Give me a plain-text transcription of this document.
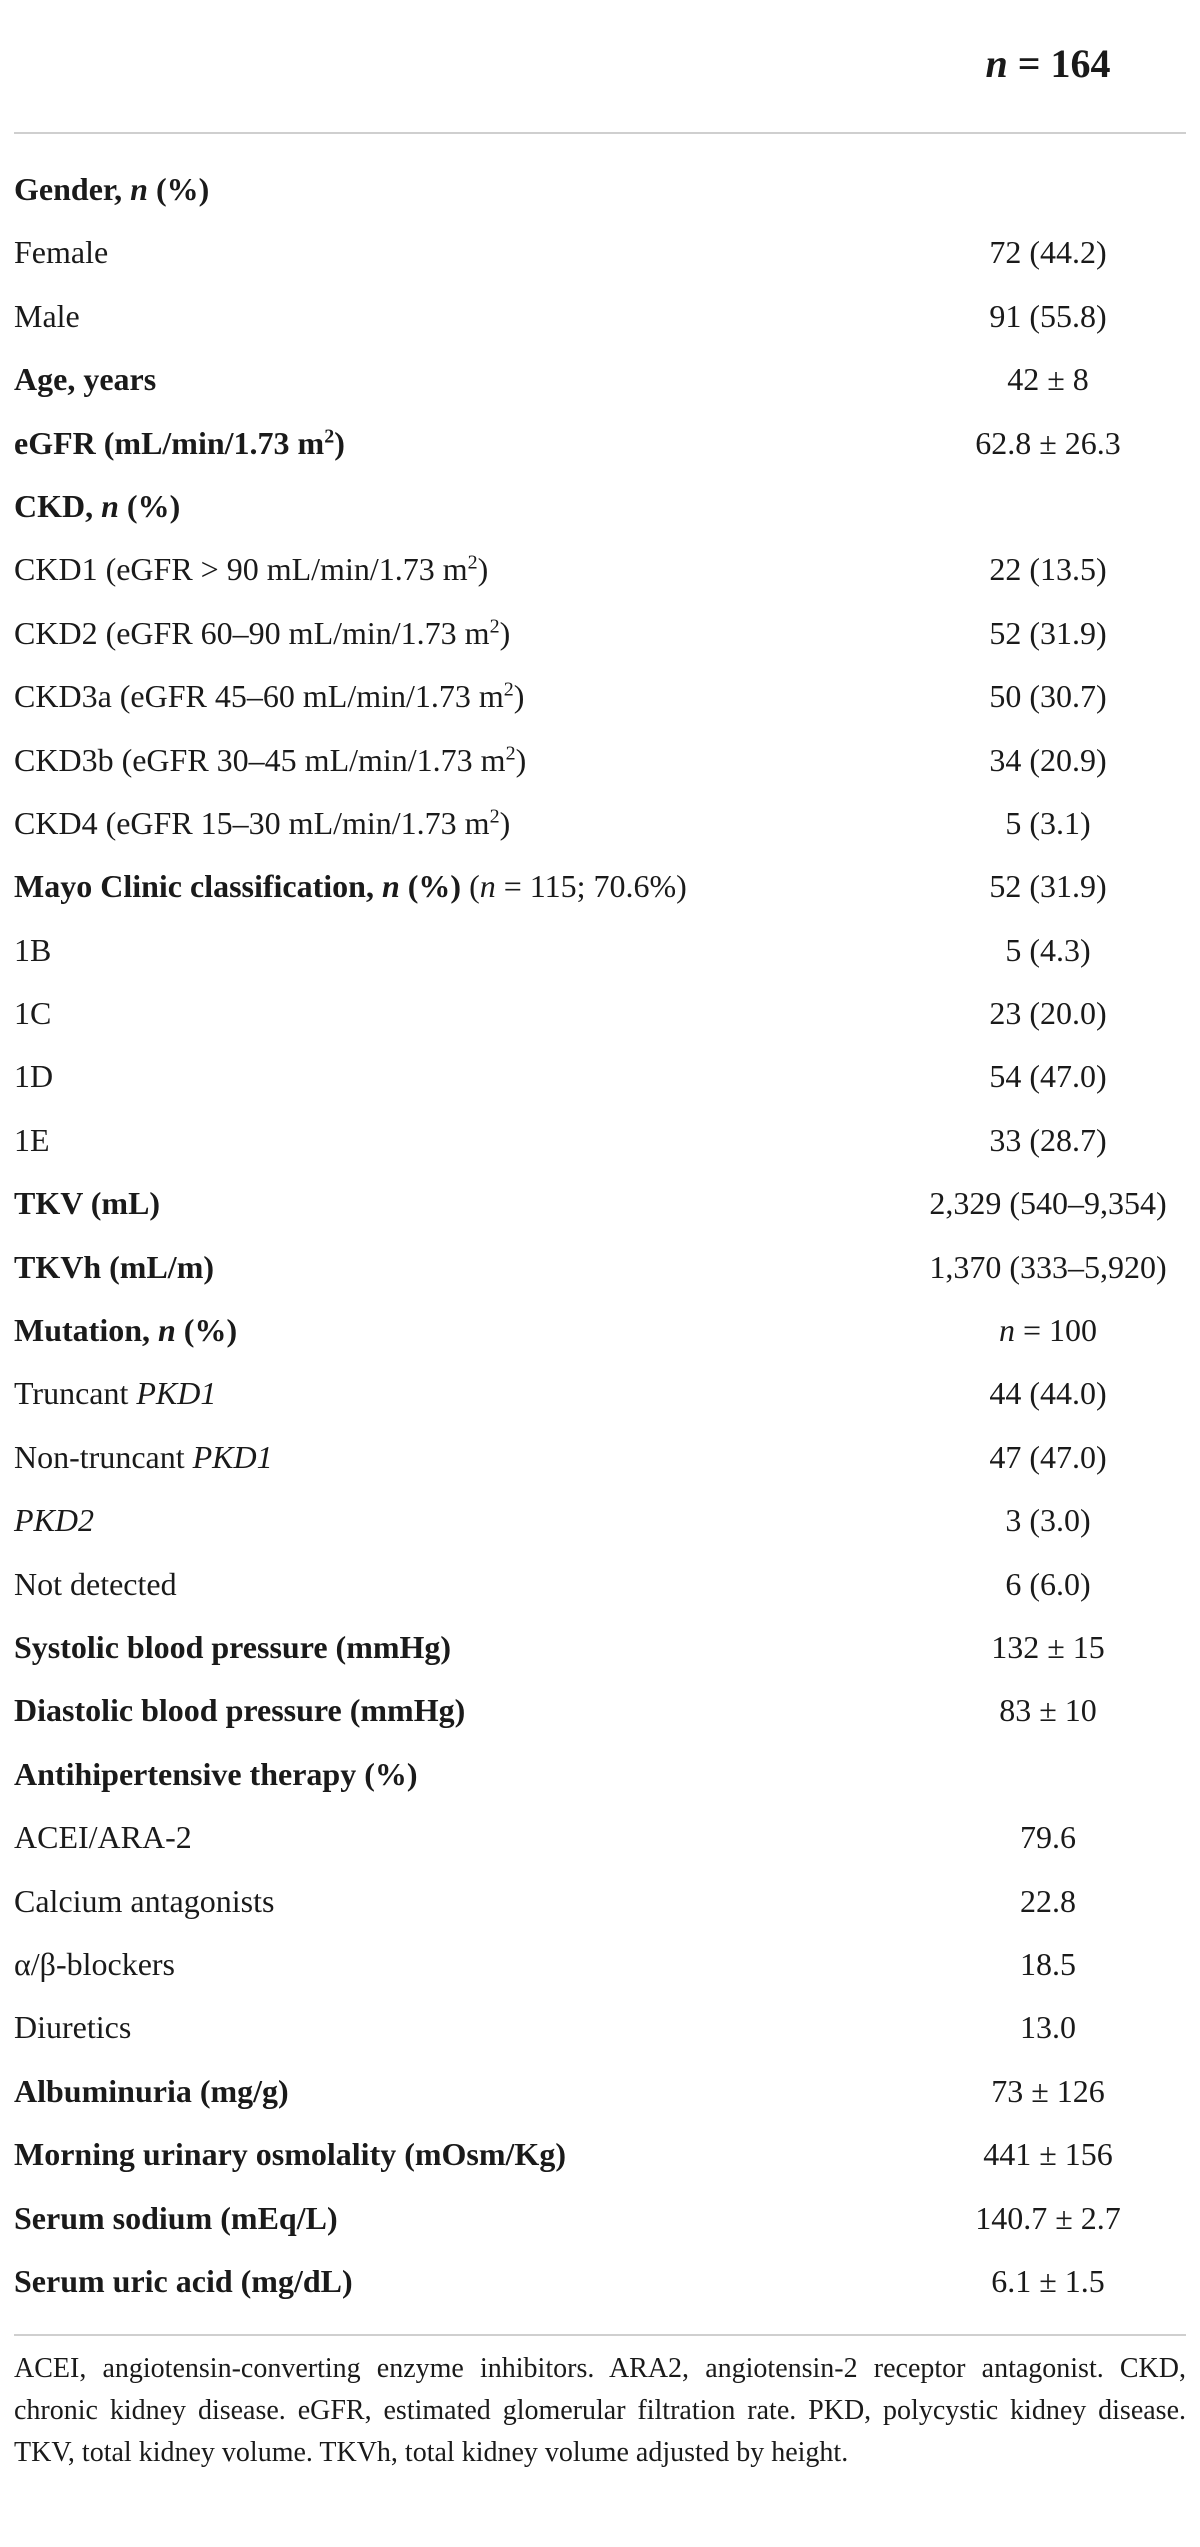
n = 164
Gender, n (%)
Female	72 (44.2)
Male	91 (55.8)
Age, years	42 ± 8
eGFR (mL/min/1.73 $m^2$)	62.8 ± 26.3
CKD, n (%)
CKD1 (eGFR > 90 mL/min/1.73 $m^2$)	22 (13.5)
CKD2 (eGFR 60–90 mL/min/1.73 $m^2$)	52 (31.9)
CKD3a (eGFR 45–60 mL/min/1.73 $m^2$)	50 (30.7)
CKD3b (eGFR 30–45 mL/min/1.73 $m^2$)	34 (20.9)
CKD4 (eGFR 15–30 mL/min/1.73 $m^2$)	5 (3.1)
Mayo Clinic classification, n (%) (n = 115; 70.6%)	52 (31.9)
1B	5 (4.3)
1C	23 (20.0)
1D	54 (47.0)
1E	33 (28.7)
TKV (mL)	2,329 (540–9,354)
TKVh (mL/m)	1,370 (333–5,920)
Mutation, n (%)	n = 100
Truncant PKD1	44 (44.0)
Non-truncant PKD1	47 (47.0)
PKD2	3 (3.0)
Not detected	6 (6.0)
Systolic blood pressure (mmHg)	132 ± 15
Diastolic blood pressure (mmHg)	83 ± 10
Antihipertensive therapy (%)
ACEI/ARA-2	79.6
Calcium antagonists	22.8
α/β-blockers	18.5
Diuretics	13.0
Albuminuria (mg/g)	73 ± 126
Morning urinary osmolality (mOsm/Kg)	441 ± 156
Serum sodium (mEq/L)	140.7 ± 2.7
Serum uric acid (mg/dL)	6.1 ± 1.5
ACEI, angiotensin-converting enzyme inhibitors. ARA2, angiotensin-2 receptor antagonist. CKD, chronic kidney disease. eGFR, estimated glomerular filtration rate. PKD, polycystic kidney disease. TKV, total kidney volume. TKVh, total kidney volume adjusted by height.
